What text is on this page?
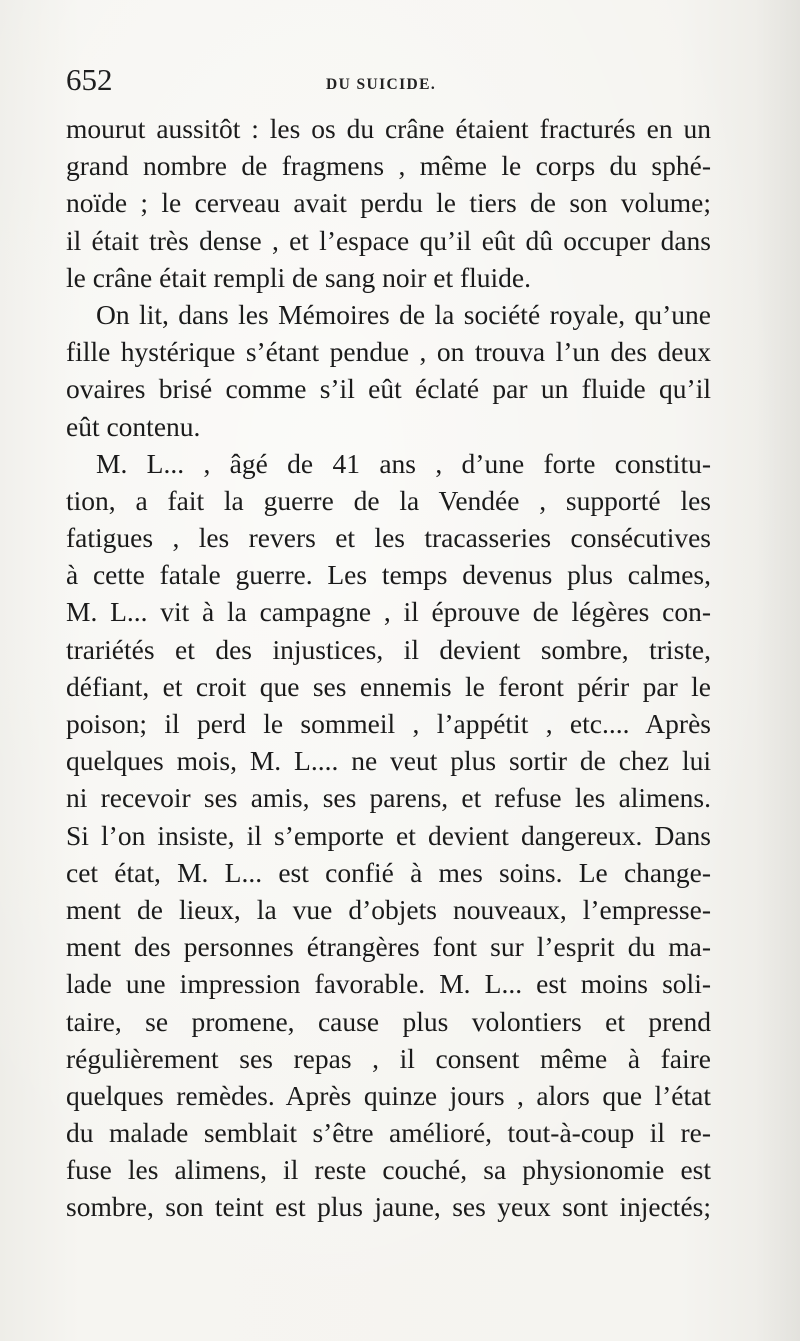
652	DU SUICIDE.
mourut aussitôt : les os du crâne étaient fracturés en un
grand nombre de fragmens , même le corps du sphé-
noïde ; le cerveau avait perdu le tiers de son volume;
il était très dense , et l’espace qu’il eût dû occuper dans
le crâne était rempli de sang noir et fluide.
On lit, dans les Mémoires de la société royale, qu’une
fille hystérique s’étant pendue , on trouva l’un des deux
ovaires brisé comme s’il eût éclaté par un fluide qu’il
eût contenu.
M. L... , âgé de 41 ans , d’une forte constitu-
tion, a fait la guerre de la Vendée , supporté les
fatigues , les revers et les tracasseries consécutives
à cette fatale guerre. Les temps devenus plus calmes,
M. L... vit à la campagne , il éprouve de légères con-
trariétés et des injustices, il devient sombre, triste,
défiant, et croit que ses ennemis le feront périr par le
poison; il perd le sommeil , l’appétit , etc.... Après
quelques mois, M. L.... ne veut plus sortir de chez lui
ni recevoir ses amis, ses parens, et refuse les alimens.
Si l’on insiste, il s’emporte et devient dangereux. Dans
cet état, M. L... est confié à mes soins. Le change-
ment de lieux, la vue d’objets nouveaux, l’empresse-
ment des personnes étrangères font sur l’esprit du ma-
lade une impression favorable. M. L... est moins soli-
taire, se promene, cause plus volontiers et prend
régulièrement ses repas , il consent même à faire
quelques remèdes. Après quinze jours , alors que l’état
du malade semblait s’être amélioré, tout-à-coup il re-
fuse les alimens, il reste couché, sa physionomie est
sombre, son teint est plus jaune, ses yeux sont injectés;
